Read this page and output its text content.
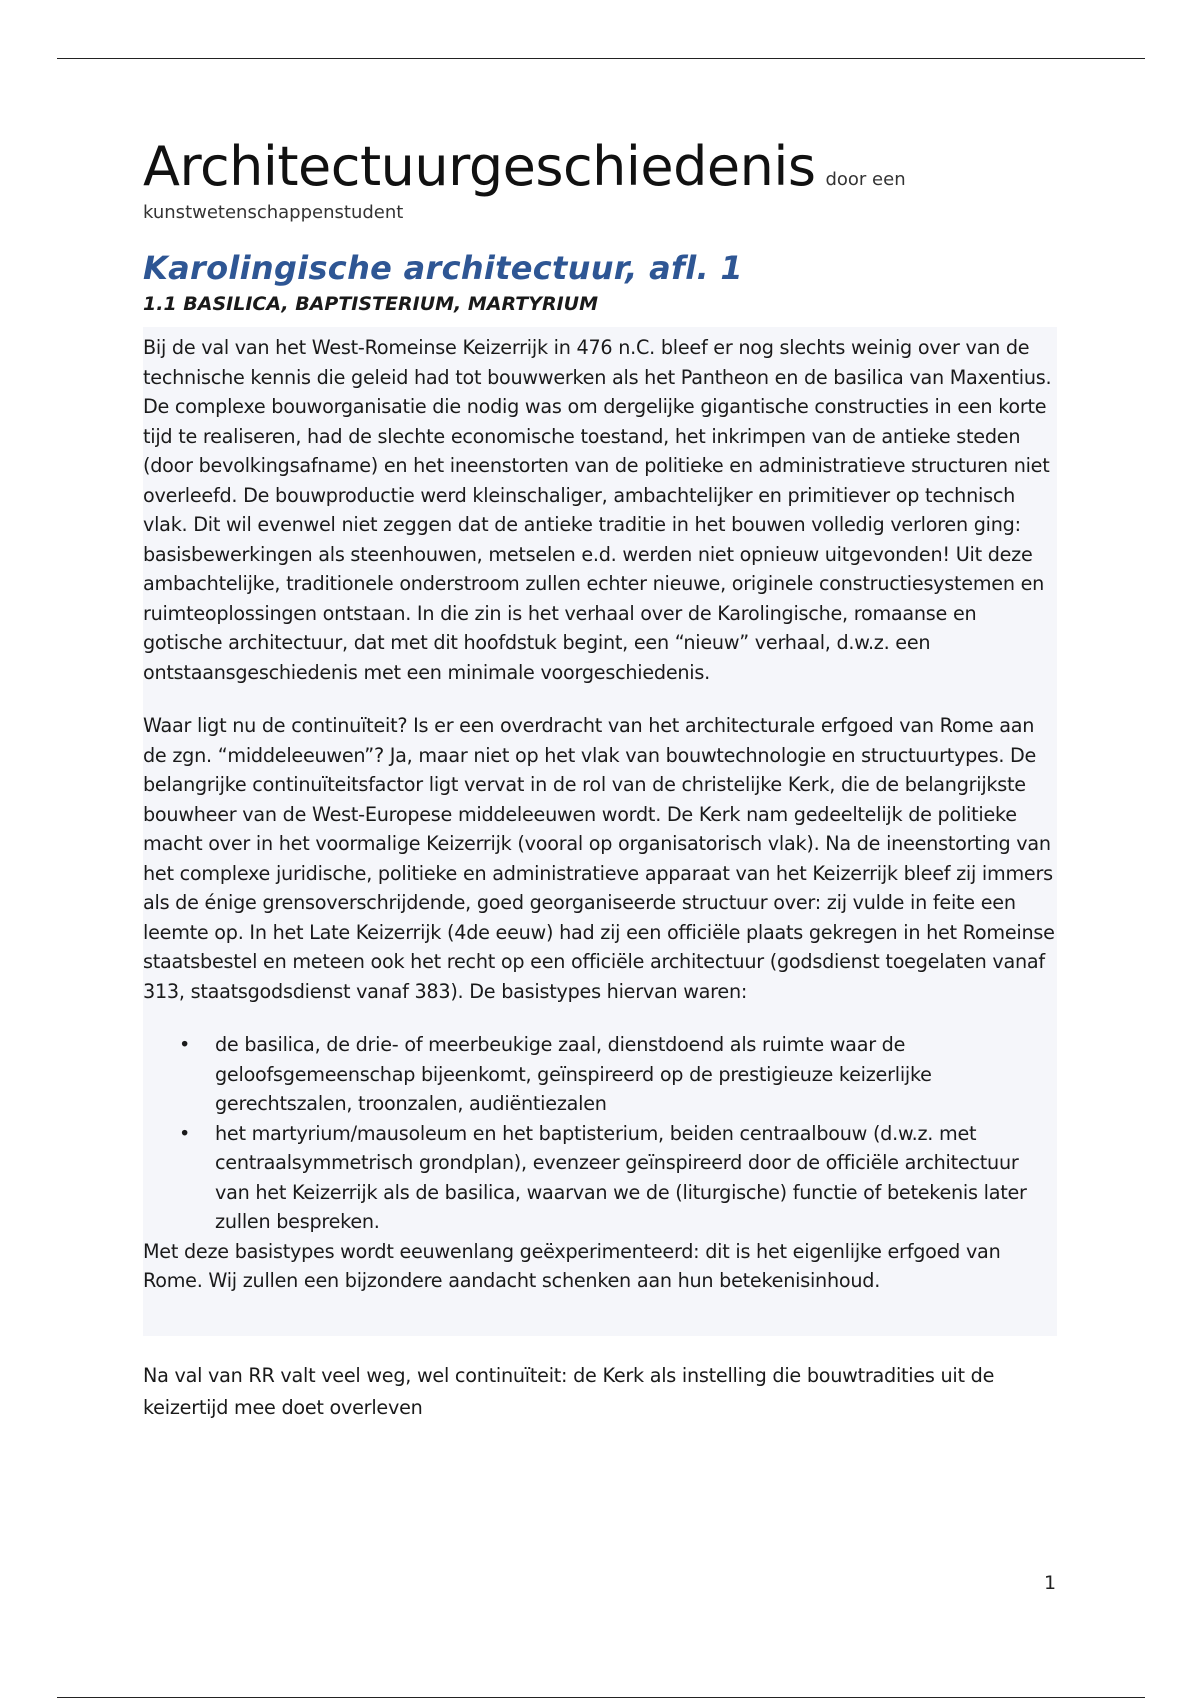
Architectuurgeschiedenis door een
kunstwetenschappenstudent
Karolingische architectuur, afl. 1
1.1 BASILICA, BAPTISTERIUM, MARTYRIUM

Bij de val van het West-Romeinse Keizerrijk in 476 n.C. bleef er nog slechts weinig over van de technische kennis die geleid had tot bouwwerken als het Pantheon en de basilica van Maxentius. De complexe bouworganisatie die nodig was om dergelijke gigantische constructies in een korte tijd te realiseren, had de slechte economische toestand, het inkrimpen van de antieke steden (door bevolkingsafname) en het ineenstorten van de politieke en administratieve structuren niet overleefd. De bouwproductie werd kleinschaliger, ambachtelijker en primitiever op technisch vlak. Dit wil evenwel niet zeggen dat de antieke traditie in het bouwen volledig verloren ging: basisbewerkingen als steenhouwen, metselen e.d. werden niet opnieuw uitgevonden! Uit deze ambachtelijke, traditionele onderstroom zullen echter nieuwe, originele constructiesystemen en ruimteoplossingen ontstaan. In die zin is het verhaal over de Karolingische, romaanse en gotische architectuur, dat met dit hoofdstuk begint, een “nieuw” verhaal, d.w.z. een ontstaansgeschiedenis met een minimale voorgeschiedenis.

Waar ligt nu de continuïteit? Is er een overdracht van het architecturale erfgoed van Rome aan de zgn. “middeleeuwen”? Ja, maar niet op het vlak van bouwtechnologie en structuurtypes. De belangrijke continuïteitsfactor ligt vervat in de rol van de christelijke Kerk, die de belangrijkste bouwheer van de West-Europese middeleeuwen wordt. De Kerk nam gedeeltelijk de politieke macht over in het voormalige Keizerrijk (vooral op organisatorisch vlak). Na de ineenstorting van het complexe juridische, politieke en administratieve apparaat van het Keizerrijk bleef zij immers als de énige grensoverschrijdende, goed georganiseerde structuur over: zij vulde in feite een leemte op. In het Late Keizerrijk (4de eeuw) had zij een officiële plaats gekregen in het Romeinse staatsbestel en meteen ook het recht op een officiële architectuur (godsdienst toegelaten vanaf 313, staatsgodsdienst vanaf 383). De basistypes hiervan waren:

• de basilica, de drie- of meerbeukige zaal, dienstdoend als ruimte waar de geloofsgemeenschap bijeenkomt, geïnspireerd op de prestigieuze keizerlijke gerechtszalen, troonzalen, audiëntiezalen
• het martyrium/mausoleum en het baptisterium, beiden centraalbouw (d.w.z. met centraalsymmetrisch grondplan), evenzeer geïnspireerd door de officiële architectuur van het Keizerrijk als de basilica, waarvan we de (liturgische) functie of betekenis later zullen bespreken.

Met deze basistypes wordt eeuwenlang geëxperimenteerd: dit is het eigenlijke erfgoed van Rome. Wij zullen een bijzondere aandacht schenken aan hun betekenisinhoud.

Na val van RR valt veel weg, wel continuïteit: de Kerk als instelling die bouwtradities uit de keizertijd mee doet overleven

1
